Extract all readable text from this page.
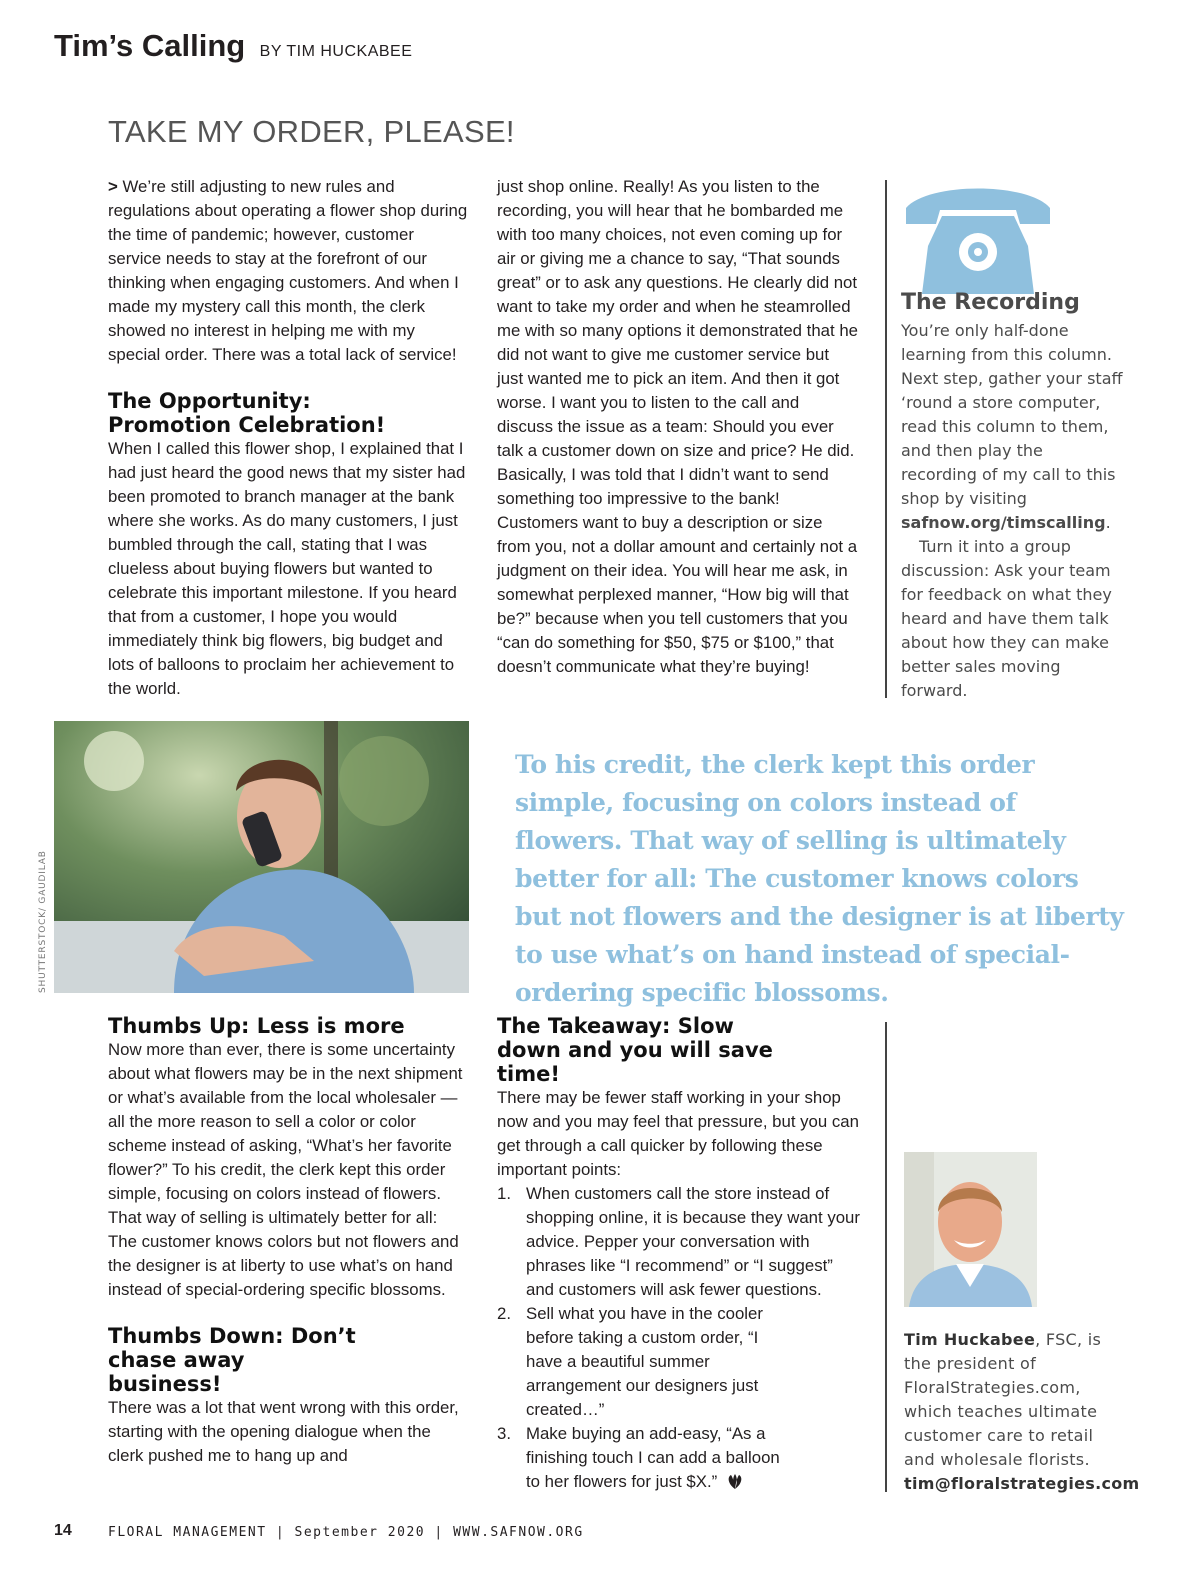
Tim’s Calling BY TIM HUCKABEE
TAKE MY ORDER, PLEASE!

> We’re still adjusting to new rules and regulations about operating a flower shop during the time of pandemic; however, customer service needs to stay at the forefront of our thinking when engaging customers. And when I made my mystery call this month, the clerk showed no interest in helping me with my special order. There was a total lack of service!

The Opportunity: Promotion Celebration!

When I called this flower shop, I explained that I had just heard the good news that my sister had been promoted to branch manager at the bank where she works. As do many customers, I just bumbled through the call, stating that I was clueless about buying flowers but wanted to celebrate this important milestone. If you heard that from a customer, I hope you would immediately think big flowers, big budget and lots of balloons to proclaim her achievement to the world.

just shop online. Really! As you listen to the recording, you will hear that he bombarded me with too many choices, not even coming up for air or giving me a chance to say, “That sounds great” or to ask any questions. He clearly did not want to take my order and when he steamrolled me with so many options it demonstrated that he did not want to give me customer service but just wanted me to pick an item. And then it got worse. I want you to listen to the call and discuss the issue as a team: Should you ever talk a customer down on size and price? He did. Basically, I was told that I didn’t want to send something too impressive to the bank! Customers want to buy a description or size from you, not a dollar amount and certainly not a judgment on their idea. You will hear me ask, in somewhat perplexed manner, “How big will that be?” because when you tell customers that you “can do something for $50, $75 or $100,” that doesn’t communicate what they’re buying!
The Recording

You’re only half-done learning from this column. Next step, gather your staff ‘round a store computer, read this column to them, and then play the recording of my call to this shop by visiting safnow.org/timscalling.

Turn it into a group discussion: Ask your team for feedback on what they heard and have them talk about how they can make better sales moving forward.

SHUTTERSTOCK/ GAUDILAB
To his credit, the clerk kept this order simple, focusing on colors instead of flowers. That way of selling is ultimately better for all: The customer knows colors but not flowers and the designer is at liberty to use what’s on hand instead of special-ordering specific blossoms.
Thumbs Up: Less is more

Now more than ever, there is some uncertainty about what flowers may be in the next shipment or what’s available from the local wholesaler — all the more reason to sell a color or color scheme instead of asking, “What’s her favorite flower?” To his credit, the clerk kept this order simple, focusing on colors instead of flowers. That way of selling is ultimately better for all: The customer knows colors but not flowers and the designer is at liberty to use what’s on hand instead of special-ordering specific blossoms.

Thumbs Down: Don’t chase away business!

There was a lot that went wrong with this order, starting with the opening dialogue when the clerk pushed me to hang up and

The Takeaway: Slow down and you will save time!

There may be fewer staff working in your shop now and you may feel that pressure, but you can get through a call quicker by following these important points:

1. When customers call the store instead of shopping online, it is because they want your advice. Pepper your conversation with phrases like “I recommend” or “I suggest” and customers will ask fewer questions.
2. Sell what you have in the cooler before taking a custom order, “I have a beautiful summer arrangement our designers just created…”
3. Make buying an add-easy, “As a finishing touch I can add a balloon to her flowers for just $X.”
Tim Huckabee, FSC, is the president of FloralStrategies.com, which teaches ultimate customer care to retail and wholesale florists.
tim@floralstrategies.com
14	FLORAL MANAGEMENT | September 2020 | WWW.SAFNOW.ORG
